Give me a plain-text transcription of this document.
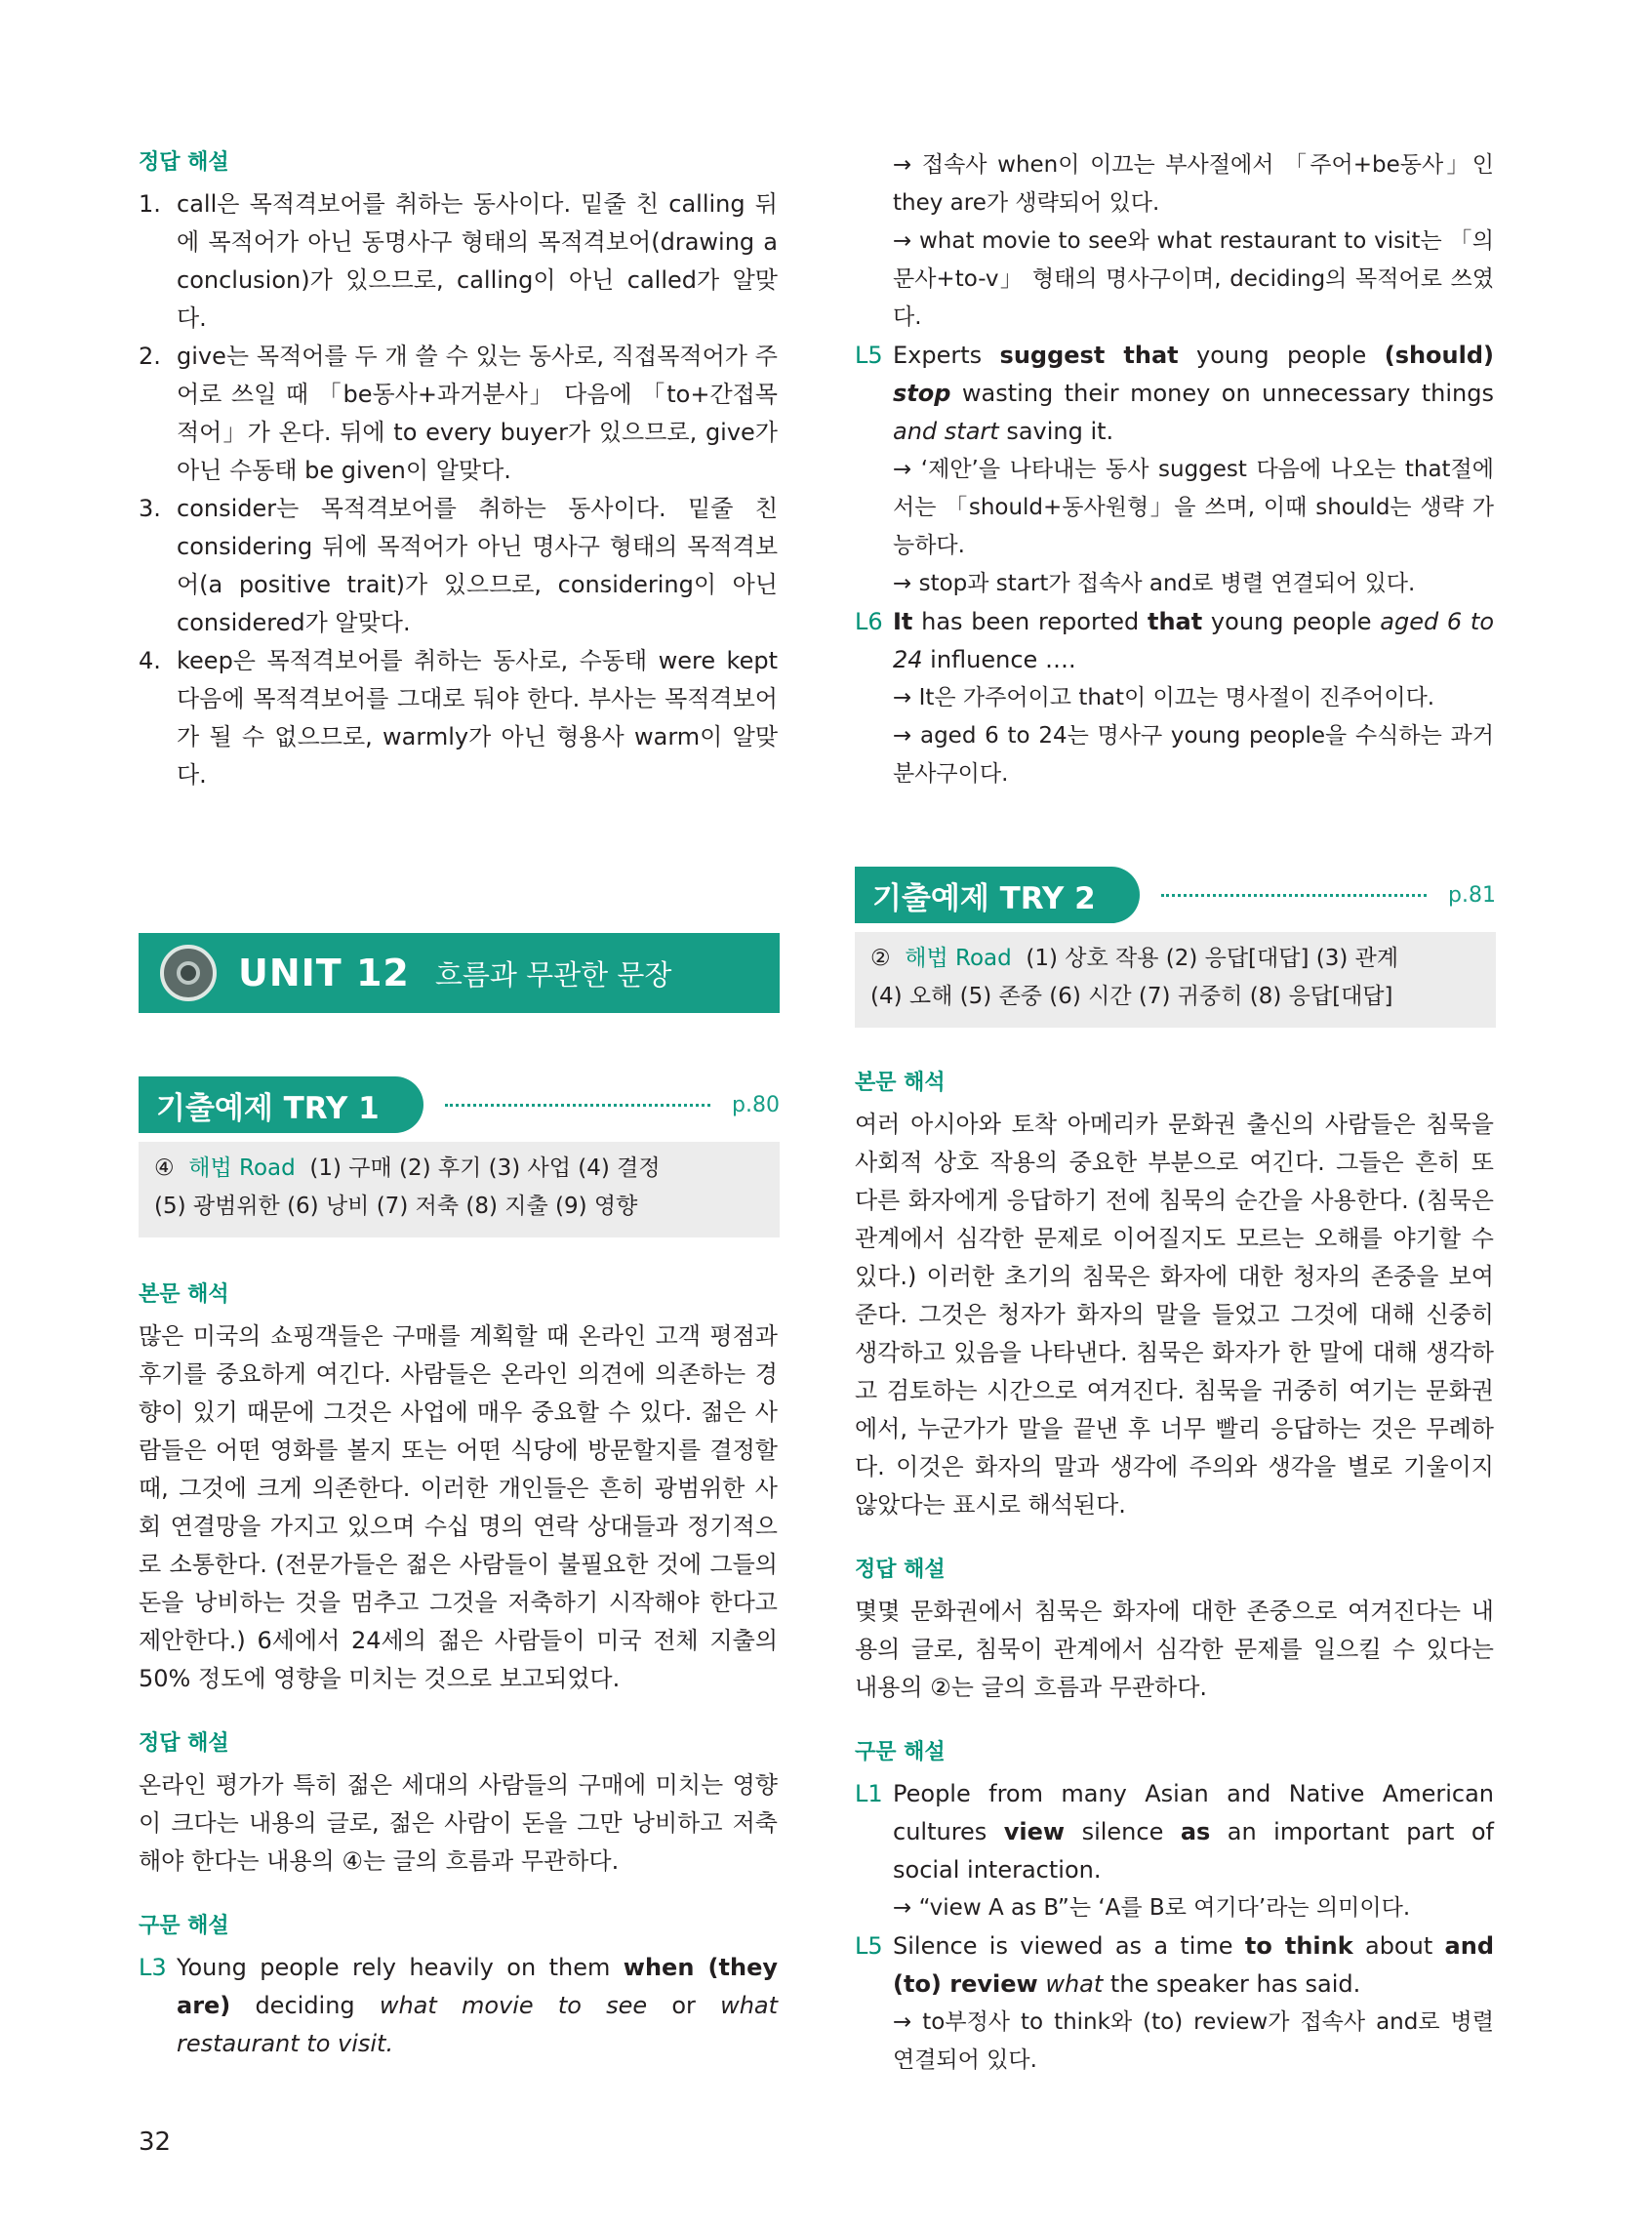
정답 해설
1. call은 목적격보어를 취하는 동사이다. 밑줄 친 calling 뒤에 목적어가 아닌 동명사구 형태의 목적격보어(drawing a conclusion)가 있으므로, calling이 아닌 called가 알맞다.
2. give는 목적어를 두 개 쓸 수 있는 동사로, 직접목적어가 주어로 쓰일 때 「be동사+과거분사」 다음에 「to+간접목적어」가 온다. 뒤에 to every buyer가 있으므로, give가 아닌 수동태 be given이 알맞다.
3. consider는 목적격보어를 취하는 동사이다. 밑줄 친 considering 뒤에 목적어가 아닌 명사구 형태의 목적격보어(a positive trait)가 있으므로, considering이 아닌 considered가 알맞다.
4. keep은 목적격보어를 취하는 동사로, 수동태 were kept 다음에 목적격보어를 그대로 둬야 한다. 부사는 목적격보어가 될 수 없으므로, warmly가 아닌 형용사 warm이 알맞다.
UNIT 12 흐름과 무관한 문장
기출예제 TRY 1	p.80
④ 해법 Road (1) 구매 (2) 후기 (3) 사업 (4) 결정
(5) 광범위한 (6) 낭비 (7) 저축 (8) 지출 (9) 영향
본문 해석

많은 미국의 쇼핑객들은 구매를 계획할 때 온라인 고객 평점과 후기를 중요하게 여긴다. 사람들은 온라인 의견에 의존하는 경향이 있기 때문에 그것은 사업에 매우 중요할 수 있다. 젊은 사람들은 어떤 영화를 볼지 또는 어떤 식당에 방문할지를 결정할 때, 그것에 크게 의존한다. 이러한 개인들은 흔히 광범위한 사회 연결망을 가지고 있으며 수십 명의 연락 상대들과 정기적으로 소통한다. (전문가들은 젊은 사람들이 불필요한 것에 그들의 돈을 낭비하는 것을 멈추고 그것을 저축하기 시작해야 한다고 제안한다.) 6세에서 24세의 젊은 사람들이 미국 전체 지출의 50% 정도에 영향을 미치는 것으로 보고되었다.

정답 해설

온라인 평가가 특히 젊은 세대의 사람들의 구매에 미치는 영향이 크다는 내용의 글로, 젊은 사람이 돈을 그만 낭비하고 저축해야 한다는 내용의 ④는 글의 흐름과 무관하다.

구문 해설
L3 Young people rely heavily on them when (they are) deciding what movie to see or what restaurant to visit.
32
→ 접속사 when이 이끄는 부사절에서 「주어+be동사」인 they are가 생략되어 있다.
→ what movie to see와 what restaurant to visit는 「의문사+to-v」 형태의 명사구이며, deciding의 목적어로 쓰였다.
L5 Experts suggest that young people (should) stop wasting their money on unnecessary things and start saving it.
→ ‘제안’을 나타내는 동사 suggest 다음에 나오는 that절에서는 「should+동사원형」을 쓰며, 이때 should는 생략 가능하다.
→ stop과 start가 접속사 and로 병렬 연결되어 있다.
L6 It has been reported that young people aged 6 to 24 influence ….
→ It은 가주어이고 that이 이끄는 명사절이 진주어이다.
→ aged 6 to 24는 명사구 young people을 수식하는 과거분사구이다.
기출예제 TRY 2	p.81
② 해법 Road (1) 상호 작용 (2) 응답[대답] (3) 관계
(4) 오해 (5) 존중 (6) 시간 (7) 귀중히 (8) 응답[대답]
본문 해석

여러 아시아와 토착 아메리카 문화권 출신의 사람들은 침묵을 사회적 상호 작용의 중요한 부분으로 여긴다. 그들은 흔히 또 다른 화자에게 응답하기 전에 침묵의 순간을 사용한다. (침묵은 관계에서 심각한 문제로 이어질지도 모르는 오해를 야기할 수 있다.) 이러한 초기의 침묵은 화자에 대한 청자의 존중을 보여준다. 그것은 청자가 화자의 말을 들었고 그것에 대해 신중히 생각하고 있음을 나타낸다. 침묵은 화자가 한 말에 대해 생각하고 검토하는 시간으로 여겨진다. 침묵을 귀중히 여기는 문화권에서, 누군가가 말을 끝낸 후 너무 빨리 응답하는 것은 무례하다. 이것은 화자의 말과 생각에 주의와 생각을 별로 기울이지 않았다는 표시로 해석된다.

정답 해설

몇몇 문화권에서 침묵은 화자에 대한 존중으로 여겨진다는 내용의 글로, 침묵이 관계에서 심각한 문제를 일으킬 수 있다는 내용의 ②는 글의 흐름과 무관하다.

구문 해설
L1 People from many Asian and Native American cultures view silence as an important part of social interaction.
→ “view A as B”는 ‘A를 B로 여기다’라는 의미이다.
L5 Silence is viewed as a time to think about and (to) review what the speaker has said.
→ to부정사 to think와 (to) review가 접속사 and로 병렬 연결되어 있다.
